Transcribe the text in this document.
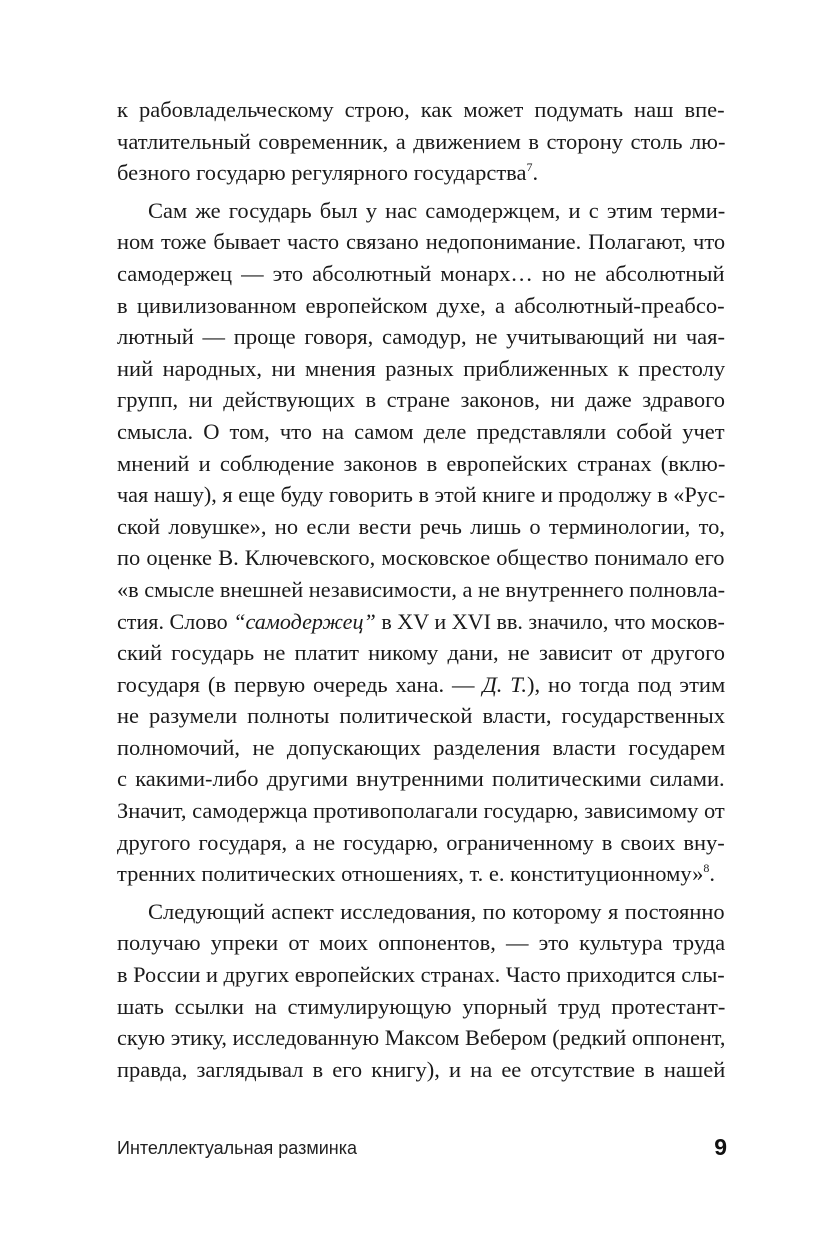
к рабовладельческому строю, как может подумать наш впе-
чатлительный современник, а движением в сторону столь лю-
безного государю регулярного государства$^7$.
Сам же государь был у нас самодержцем, и с этим терми-
ном тоже бывает часто связано недопонимание. Полагают, что
самодержец — это абсолютный монарх… но не абсолютный
в цивилизованном европейском духе, а абсолютный-преабсо-
лютный — проще говоря, самодур, не учитывающий ни чая-
ний народных, ни мнения разных приближенных к престолу
групп, ни действующих в стране законов, ни даже здравого
смысла. О том, что на самом деле представляли собой учет
мнений и соблюдение законов в европейских странах (вклю-
чая нашу), я еще буду говорить в этой книге и продолжу в «Рус-
ской ловушке», но если вести речь лишь о терминологии, то,
по оценке В. Ключевского, московское общество понимало его
«в смысле внешней независимости, а не внутреннего полновла-
стия. Слово “самодержец” в XV и XVI вв. значило, что москов-
ский государь не платит никому дани, не зависит от другого
государя (в первую очередь хана. — Д. Т.), но тогда под этим
не разумели полноты политической власти, государственных
полномочий, не допускающих разделения власти государем
с какими-либо другими внутренними политическими силами.
Значит, самодержца противополагали государю, зависимому от
другого государя, а не государю, ограниченному в своих вну-
тренних политических отношениях, т. е. конституционному»$^8$.
Следующий аспект исследования, по которому я постоянно
получаю упреки от моих оппонентов, — это культура труда
в России и других европейских странах. Часто приходится слы-
шать ссылки на стимулирующую упорный труд протестант-
скую этику, исследованную Максом Вебером (редкий оппонент,
правда, заглядывал в его книгу), и на ее отсутствие в нашей
Интеллектуальная разминка	9
